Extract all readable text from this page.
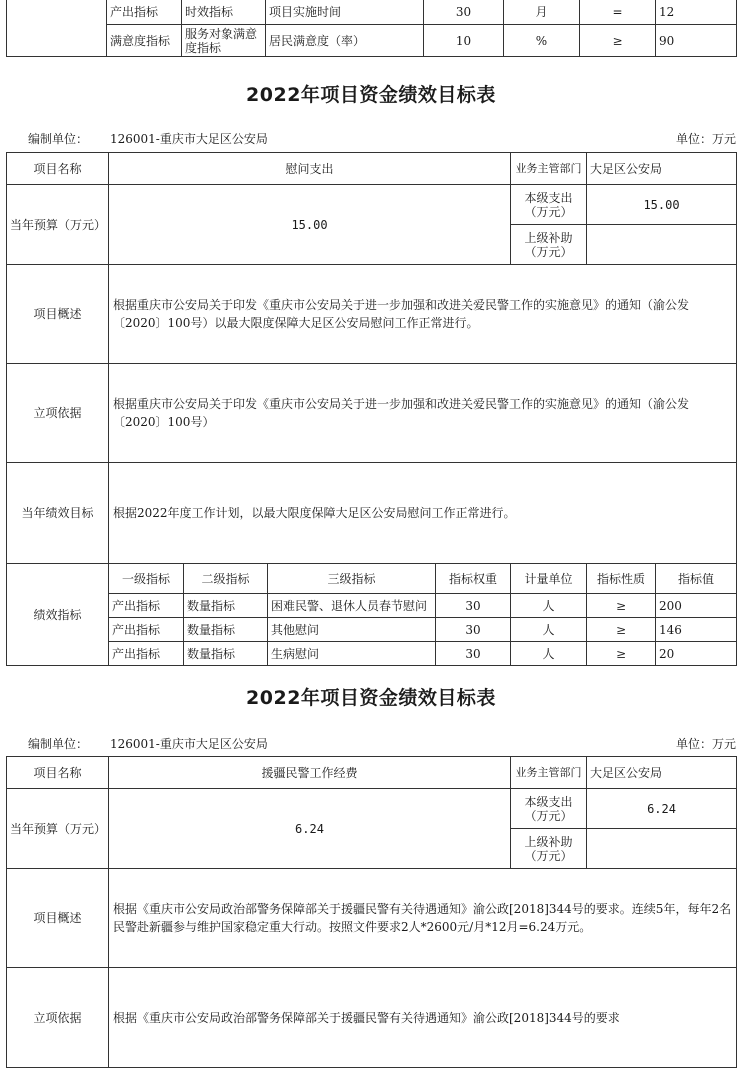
	产出指标	时效指标	项目实施时间	30	月	=	12
	满意度指标	服务对象满意度指标	居民满意度（率）	10	%	≥	90
2022年项目资金绩效目标表
编制单位： 126001-重庆市大足区公安局	单位：万元
项目名称	慰问支出				业务主管部门	大足区公安局	
当年预算（万元）	15.00				本级支出（万元）	15.00	
					上级补助（万元）		
项目概述	根据重庆市公安局关于印发《重庆市公安局关于进一步加强和改进关爱民警工作的实施意见》的通知（渝公发〔2020〕100号）以最大限度保障大足区公安局慰问工作正常进行。						
立项依据	根据重庆市公安局关于印发《重庆市公安局关于进一步加强和改进关爱民警工作的实施意见》的通知（渝公发〔2020〕100号）						
当年绩效目标	根据2022年度工作计划，以最大限度保障大足区公安局慰问工作正常进行。						
绩效指标	一级指标	二级指标	三级指标	指标权重	计量单位	指标性质	指标值
	产出指标	数量指标	困难民警、退休人员春节慰问	30	人	≥	200
	产出指标	数量指标	其他慰问	30	人	≥	146
	产出指标	数量指标	生病慰问	30	人	≥	20
2022年项目资金绩效目标表
编制单位： 126001-重庆市大足区公安局	单位：万元
项目名称	援疆民警工作经费	业务主管部门	大足区公安局
当年预算（万元）	6.24	本级支出（万元）	6.24
		上级补助（万元）	
项目概述	根据《重庆市公安局政治部警务保障部关于援疆民警有关待遇通知》渝公政[2018]344号的要求。连续5年，每年2名民警赴新疆参与维护国家稳定重大行动。按照文件要求2人*2600元/月*12月=6.24万元。		
立项依据	根据《重庆市公安局政治部警务保障部关于援疆民警有关待遇通知》渝公政[2018]344号的要求		
